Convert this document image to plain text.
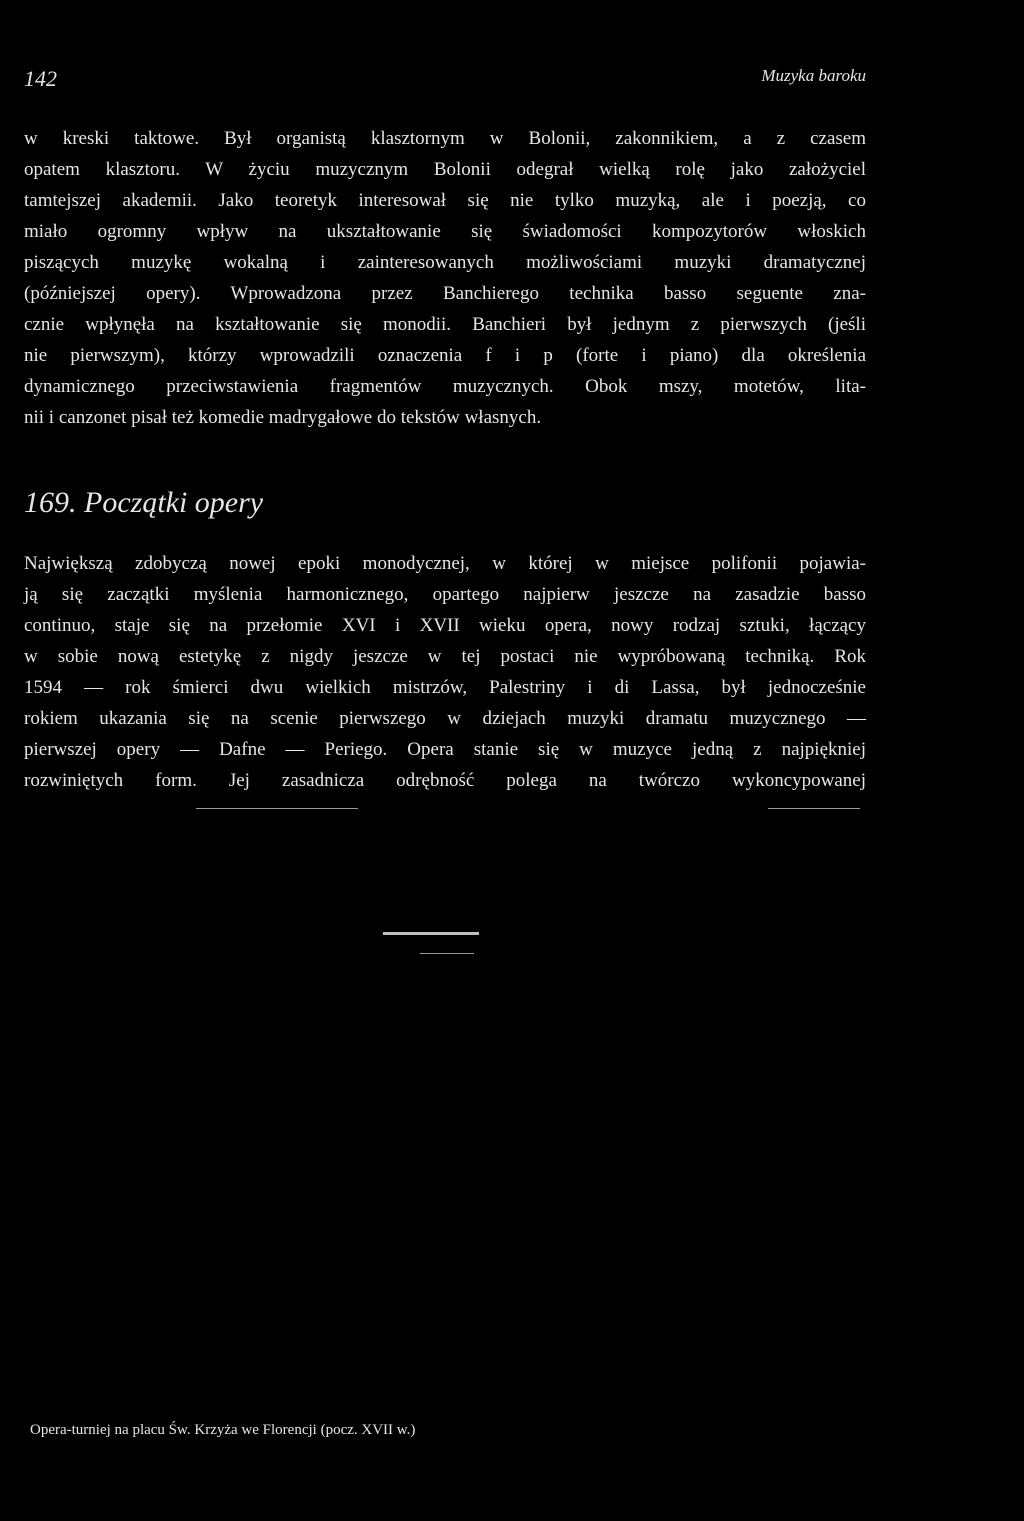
142	Muzyka baroku
w kreski taktowe. Był organistą klasztornym w Bolonii, zakonnikiem, a z czasem
opatem klasztoru. W życiu muzycznym Bolonii odegrał wielką rolę jako założyciel
tamtejszej akademii. Jako teoretyk interesował się nie tylko muzyką, ale i poezją, co
miało ogromny wpływ na ukształtowanie się świadomości kompozytorów włoskich
piszących muzykę wokalną i zainteresowanych możliwościami muzyki dramatycznej
(późniejszej opery). Wprowadzona przez Banchierego technika basso seguente zna-
cznie wpłynęła na kształtowanie się monodii. Banchieri był jednym z pierwszych (jeśli
nie pierwszym), którzy wprowadzili oznaczenia f i p (forte i piano) dla określenia
dynamicznego przeciwstawienia fragmentów muzycznych. Obok mszy, motetów, lita-
nii i canzonet pisał też komedie madrygałowe do tekstów własnych.
169. Początki opery
Największą zdobyczą nowej epoki monodycznej, w której w miejsce polifonii pojawia-
ją się zaczątki myślenia harmonicznego, opartego najpierw jeszcze na zasadzie basso
continuo, staje się na przełomie XVI i XVII wieku opera, nowy rodzaj sztuki, łączący
w sobie nową estetykę z nigdy jeszcze w tej postaci nie wypróbowaną techniką. Rok
1594 — rok śmierci dwu wielkich mistrzów, Palestriny i di Lassa, był jednocześnie
rokiem ukazania się na scenie pierwszego w dziejach muzyki dramatu muzycznego —
pierwszej opery — Dafne — Periego. Opera stanie się w muzyce jedną z najpiękniej
rozwiniętych form. Jej zasadnicza odrębność polega na twórczo wykoncypowanej
Opera-turniej na placu Św. Krzyża we Florencji (pocz. XVII w.)
